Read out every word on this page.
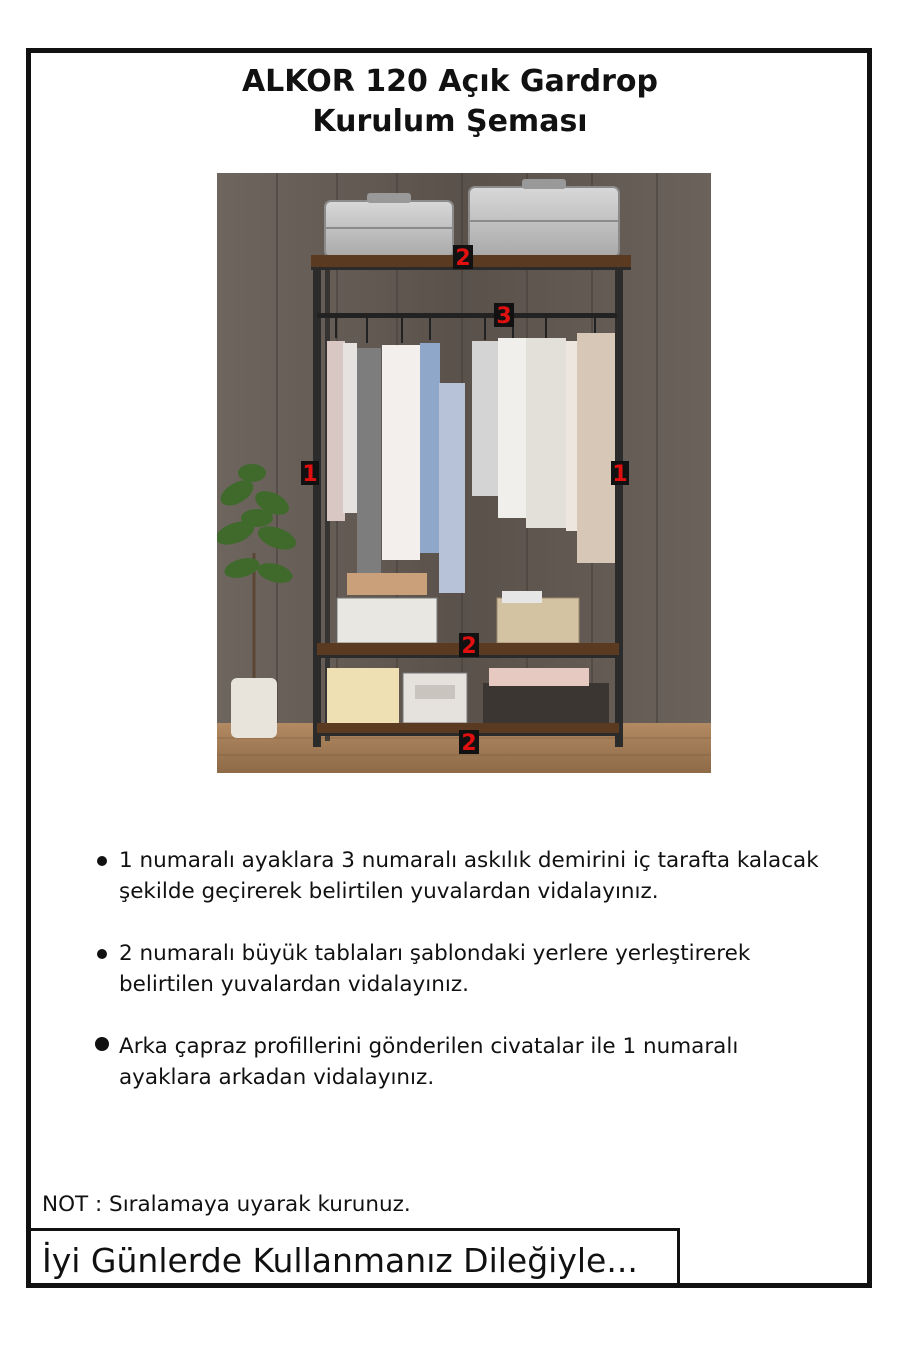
ALKOR 120 Açık Gardrop
Kurulum Şeması
2
3
1	1
2
2
1 numaralı ayaklara 3 numaralı askılık demirini iç tarafta kalacak şekilde geçirerek belirtilen yuvalardan vidalayınız.
2 numaralı büyük tablaları şablondaki yerlere yerleştirerek belirtilen yuvalardan vidalayınız.
Arka çapraz profillerini gönderilen civatalar ile 1 numaralı ayaklara arkadan vidalayınız.
NOT : Sıralamaya uyarak kurunuz.
İyi Günlerde Kullanmanız Dileğiyle...
